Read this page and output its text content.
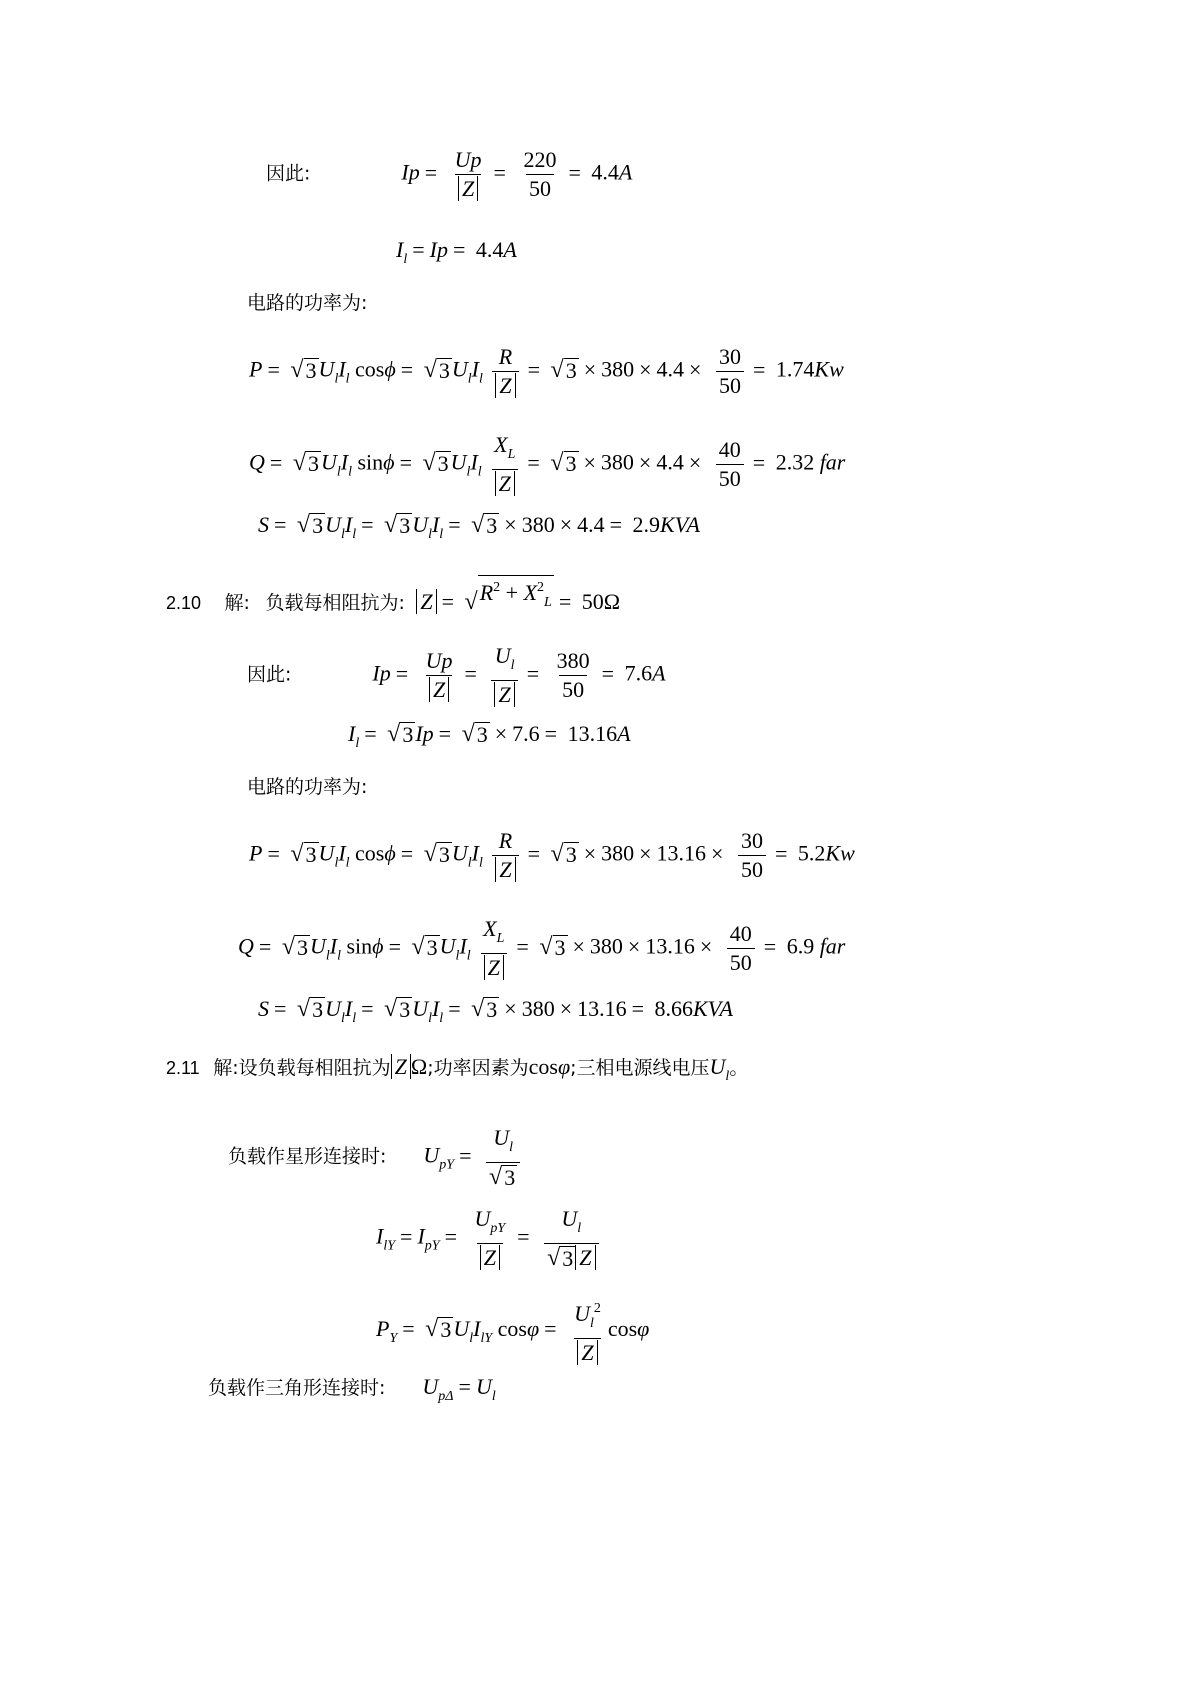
因此:	$Ip = \frac{Up}{Z} = \frac{220}{50} = 4.4A$
$I_l = Ip = 4.4A$
电路的功率为:
P = √ 3 $U_lI_l$ cosϕ = √ 3 $U_lI_l \frac{R}{Z}$ = √ $3 \times 380 \times 4.4 \times \frac{30}{50} = 1.74Kw$
Q = √ 3 $U_lI_l$ sinϕ = √ 3 $U_lI_l \frac{X_L}{Z}$ = √ $3 \times 380 \times 4.4 \times \frac{40}{50} = 2.32$ far
S = √ 3 $U_lI_l$ = √ 3 $U_lI_l$ = √ 3 × 380 × 4.4 = 2.9KVA
2.10 解: 负载每相阻抗为: Z = √ $R^2 + X^2_L = 50\Omega$
因此:	$Ip = \frac{Up}{Z} = \frac{U_l}{Z} = \frac{380}{50} = 7.6A$
$I_l$ = √ 3 Ip = √ 3 × 7.6 = 13.16A
电路的功率为:
P = √ 3 $U_lI_l$ cosϕ = √ 3 $U_lI_l \frac{R}{Z}$ = √ $3 \times 380 \times 13.16 \times \frac{30}{50} = 5.2Kw$
Q = √ 3 $U_lI_l$ sinϕ = √ 3 $U_lI_l \frac{X_L}{Z}$ = √ $3 \times 380 \times 13.16 \times \frac{40}{50} = 6.9$ far
S = √ 3 $U_lI_l$ = √ 3 $U_lI_l$ = √ 3 × 380 × 13.16 = 8.66KVA
2.11 解:设负载每相阻抗为 Z Ω;功率因素为cosφ;三相电源线电压$U_l$。
负载作星形连接时: $U_{pY} = \frac{U_l}{√ 3}$
$I_{lY} = I_{pY}$ =
$U_{pY}$
Z
= $\frac{U_l}{√ 3 Z}$
$P_Y$ = √ 3 $U_lI_{lY}$ $\cos\varphi = \frac{U_l^2}{Z}$ cosφ
负载作三角形连接时: $U_{p\Delta} = U_l$
